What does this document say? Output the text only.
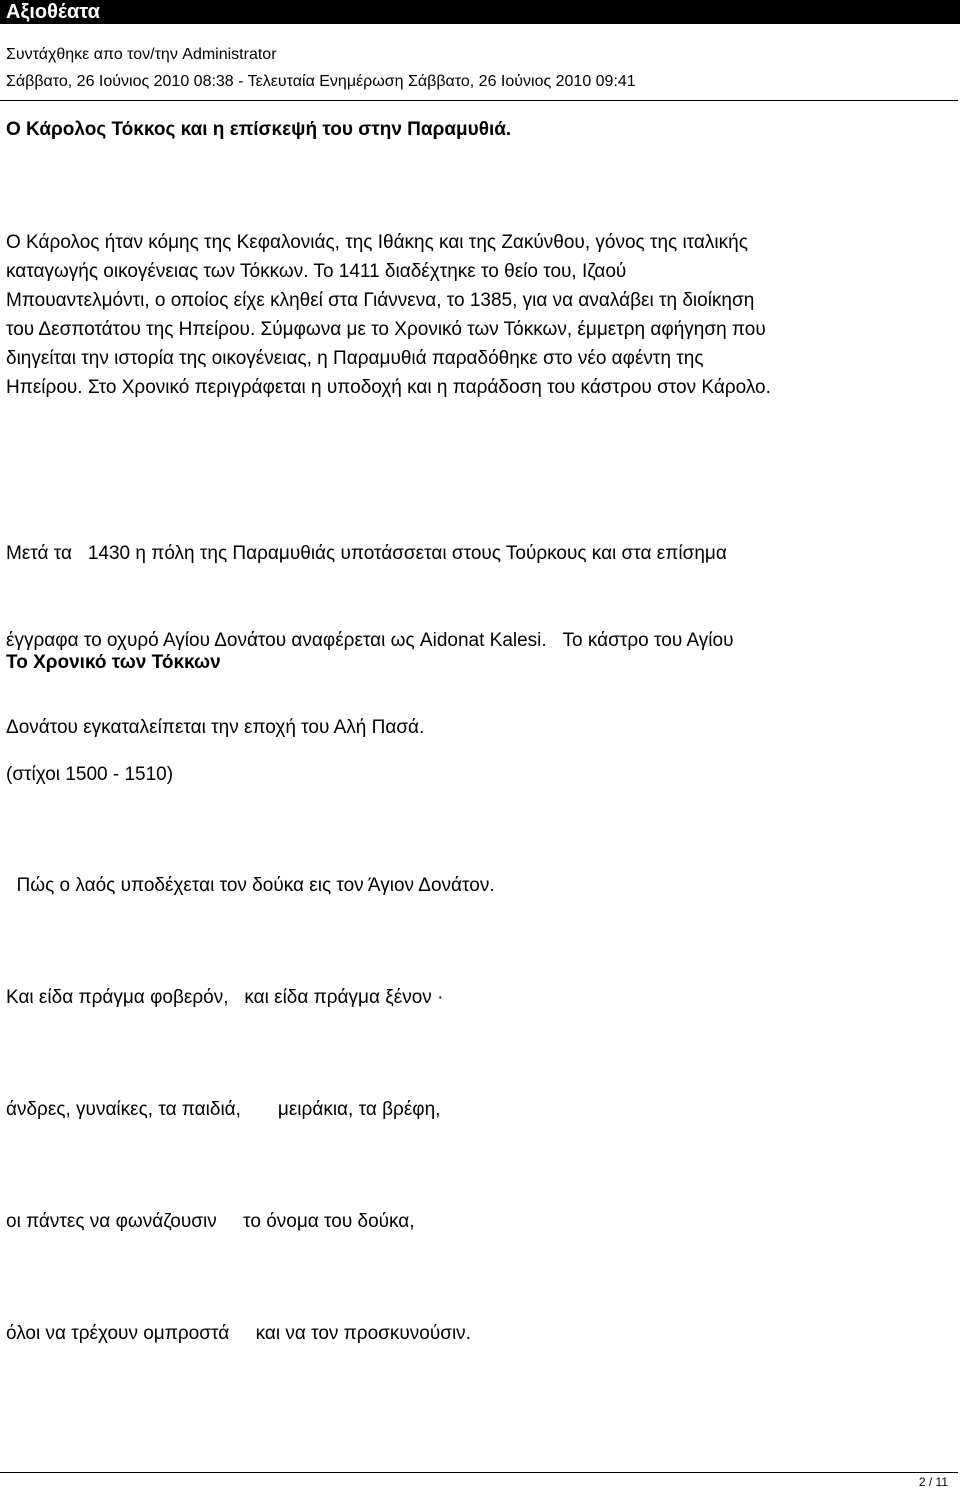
Αξιοθέατα
Συντάχθηκε απο τον/την Administrator
Σάββατο, 26 Ιούνιος 2010 08:38 - Τελευταία Ενημέρωση Σάββατο, 26 Ιούνιος 2010 09:41
Ο Κάρολος Τόκκος και η επίσκεψή του στην Παραμυθιά.
Ο Κάρολος ήταν κόμης της Κεφαλονιάς, της Ιθάκης και της Ζακύνθου, γόνος της ιταλικής
καταγωγής οικογένειας των Τόκκων. Το 1411 διαδέχτηκε το θείο του, Ιζαού
Μπουαντελμόντι, ο οποίος είχε κληθεί στα Γιάννενα, το 1385, για να αναλάβει τη διοίκηση
του Δεσποτάτου της Ηπείρου. Σύμφωνα με το Χρονικό των Τόκκων, έμμετρη αφήγηση που
διηγείται την ιστορία της οικογένειας, η Παραμυθιά παραδόθηκε στο νέο αφέντη της
Ηπείρου. Στο Χρονικό περιγράφεται η υποδοχή και η παράδοση του κάστρου στον Κάρολο.

Μετά τα   1430 η πόλη της Παραμυθιάς υποτάσσεται στους Τούρκους και στα επίσημα

έγγραφα το οχυρό Αγίου Δονάτου αναφέρεται ως Aidonat Kalesi.   Το κάστρο του Αγίου

Δονάτου εγκαταλείπεται την εποχή του Αλή Πασά.

Το Χρονικό των Τόκκων
(στίχοι 1500 - 1510)
Πώς ο λαός υποδέχεται τον δούκα εις τον Άγιον Δονάτον.
Και είδα πράγμα φοβερόν,   και είδα πράγμα ξένον ·
άνδρες, γυναίκες, τα παιδιά,       μειράκια, τα βρέφη,
οι πάντες να φωνάζουσιν     το όνομα του δούκα,
όλοι να τρέχουν ομπροστά     και να τον προσκυνούσιν.
2 / 11
